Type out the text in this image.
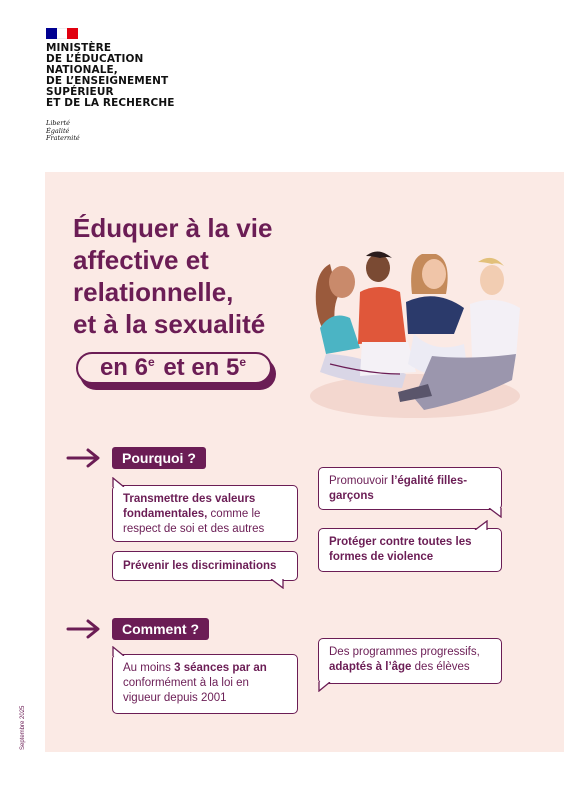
MINISTÈRE
DE L’ÉDUCATION
NATIONALE,
DE L’ENSEIGNEMENT
SUPÉRIEUR
ET DE LA RECHERCHE
Liberté
Égalité
Fraternité
Éduquer à la vie
affective et
relationnelle,
et à la sexualité
en 6e et en 5e
Pourquoi ?
Transmettre des valeurs fondamentales, comme le respect de soi et des autres
Prévenir les discriminations
Promouvoir l’égalité filles-garçons
Protéger contre toutes les formes de violence
Comment ?
Au moins 3 séances par an conformément à la loi en vigueur depuis 2001
Des programmes progressifs, adaptés à l’âge des élèves
Septembre 2025
